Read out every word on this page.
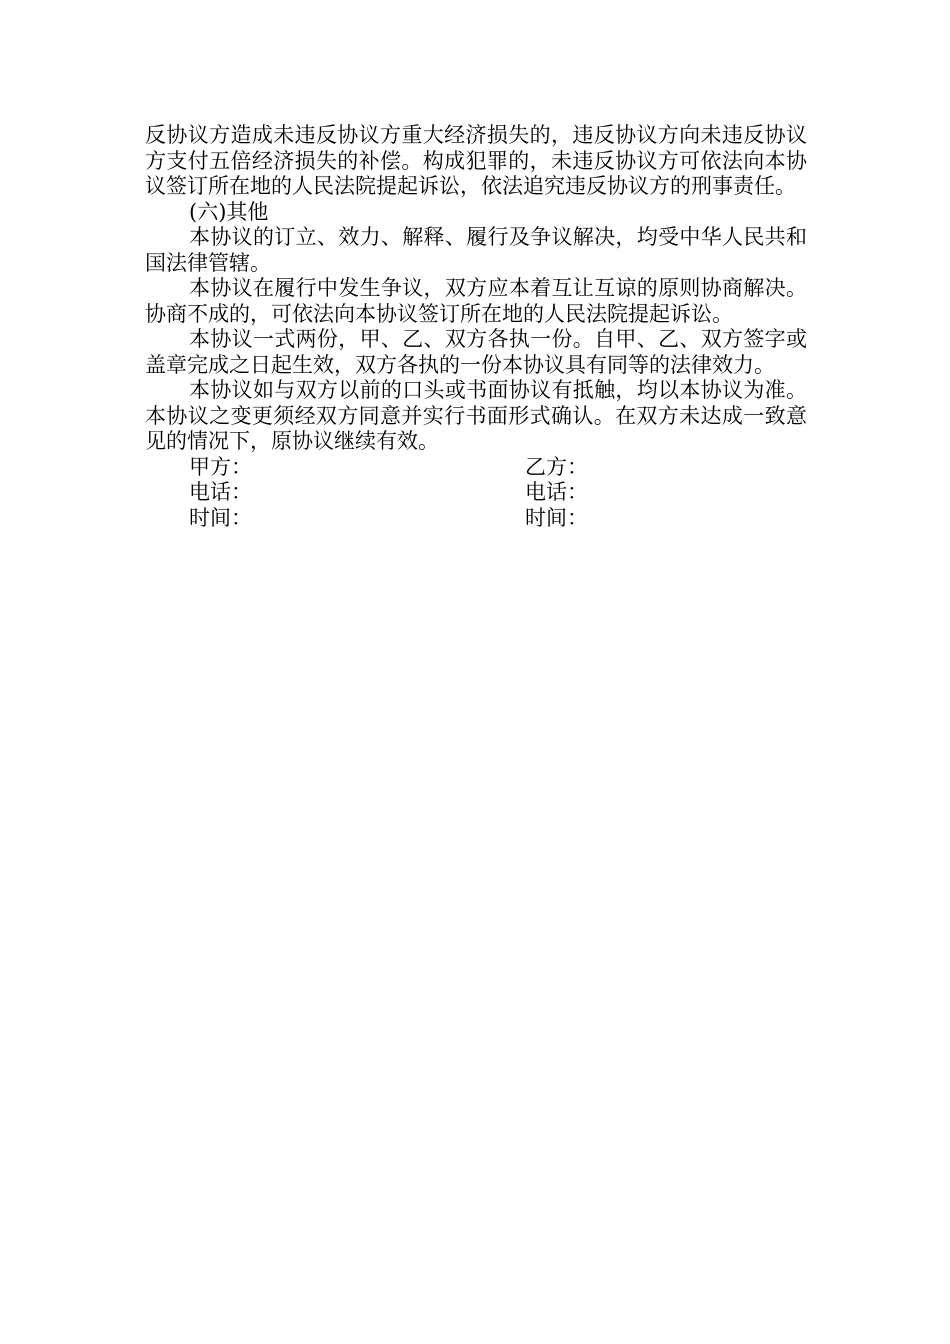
反协议方造成未违反协议方重大经济损失的，违反协议方向未违反协议方支付五倍经济损失的补偿。构成犯罪的，未违反协议方可依法向本协议签订所在地的人民法院提起诉讼，依法追究违反协议方的刑事责任。

(六)其他

本协议的订立、效力、解释、履行及争议解决，均受中华人民共和国法律管辖。

本协议在履行中发生争议，双方应本着互让互谅的原则协商解决。协商不成的，可依法向本协议签订所在地的人民法院提起诉讼。

本协议一式两份，甲、乙、双方各执一份。自甲、乙、双方签字或盖章完成之日起生效，双方各执的一份本协议具有同等的法律效力。

本协议如与双方以前的口头或书面协议有抵触，均以本协议为准。本协议之变更须经双方同意并实行书面形式确认。在双方未达成一致意见的情况下，原协议继续有效。

甲方：	乙方：
电话：	电话：
时间：	时间：
